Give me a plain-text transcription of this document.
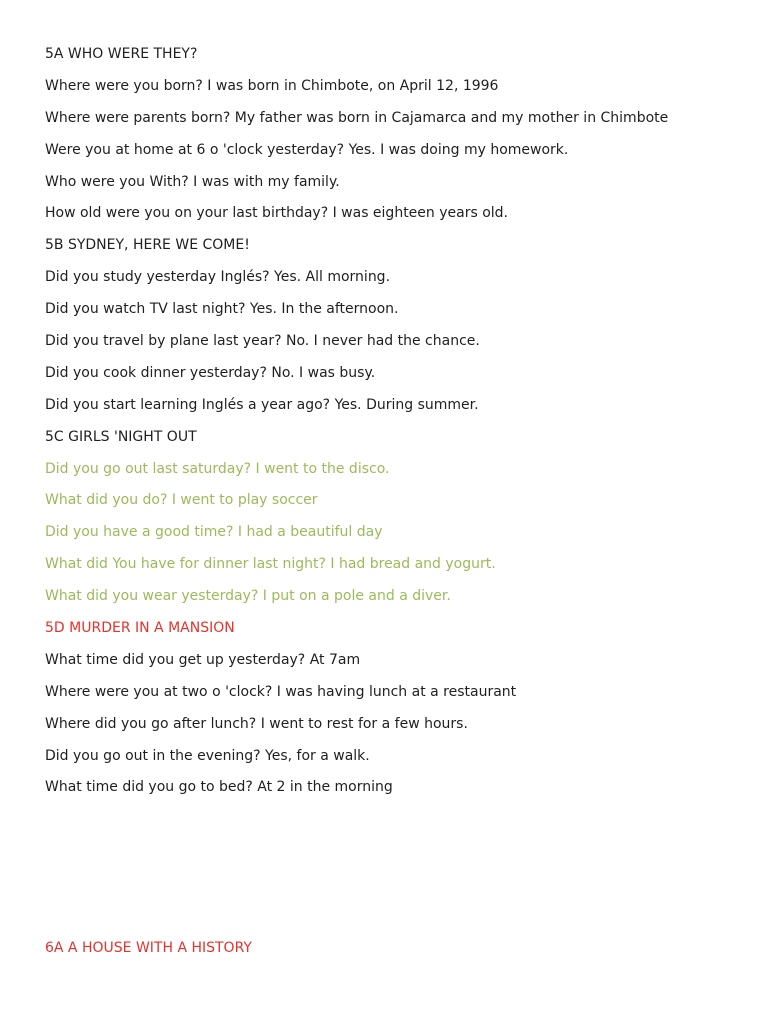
5A WHO WERE THEY?
Where were you born? I was born in Chimbote, on April 12, 1996
Where were parents born? My father was born in Cajamarca and my mother in Chimbote
Were you at home at 6 o 'clock yesterday? Yes. I was doing my homework.
Who were you With? I was with my family.
How old were you on your last birthday? I was eighteen years old.
5B SYDNEY, HERE WE COME!
Did you study yesterday Inglés? Yes. All morning.
Did you watch TV last night? Yes. In the afternoon.
Did you travel by plane last year? No. I never had the chance.
Did you cook dinner yesterday? No. I was busy.
Did you start learning Inglés a year ago? Yes. During summer.
5C GIRLS 'NIGHT OUT
Did you go out last saturday? I went to the disco.
What did you do? I went to play soccer
Did you have a good time? I had a beautiful day
What did You have for dinner last night? I had bread and yogurt.
What did you wear yesterday? I put on a pole and a diver.
5D MURDER IN A MANSION
What time did you get up yesterday? At 7am
Where were you at two o 'clock? I was having lunch at a restaurant
Where did you go after lunch? I went to rest for a few hours.
Did you go out in the evening? Yes, for a walk.
What time did you go to bed? At 2 in the morning
6A A HOUSE WITH A HISTORY
